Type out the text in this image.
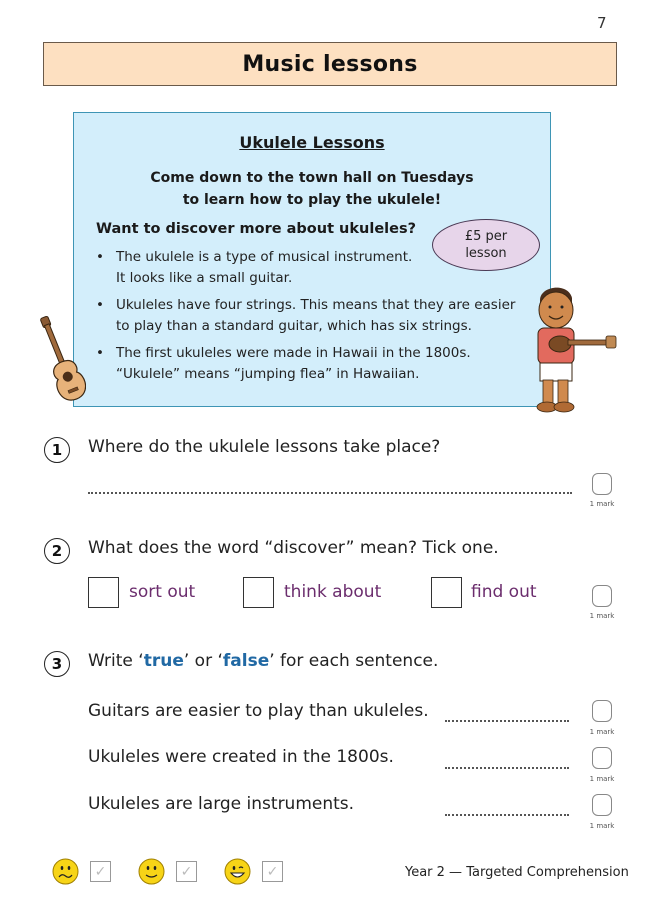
7
Music lessons
Ukulele Lessons
Come down to the town hall on Tuesdays
to learn how to play the ukulele!
Want to discover more about ukuleles?	£5 per
lesson
• The ukulele is a type of musical instrument.
It looks like a small guitar.
• Ukuleles have four strings. This means that they are easier
to play than a standard guitar, which has six strings.
• The first ukuleles were made in Hawaii in the 1800s.
“Ukulele” means “jumping flea” in Hawaiian.
1	Where do the ukulele lessons take place?
1 mark
2	What does the word “discover” mean? Tick one.
sort out	think about	find out
1 mark
3	Write ‘true’ or ‘false’ for each sentence.
Guitars are easier to play than ukuleles.
1 mark
Ukuleles were created in the 1800s.
1 mark
Ukuleles are large instruments.
1 mark
✓	✓	✓	Year 2 — Targeted Comprehension
